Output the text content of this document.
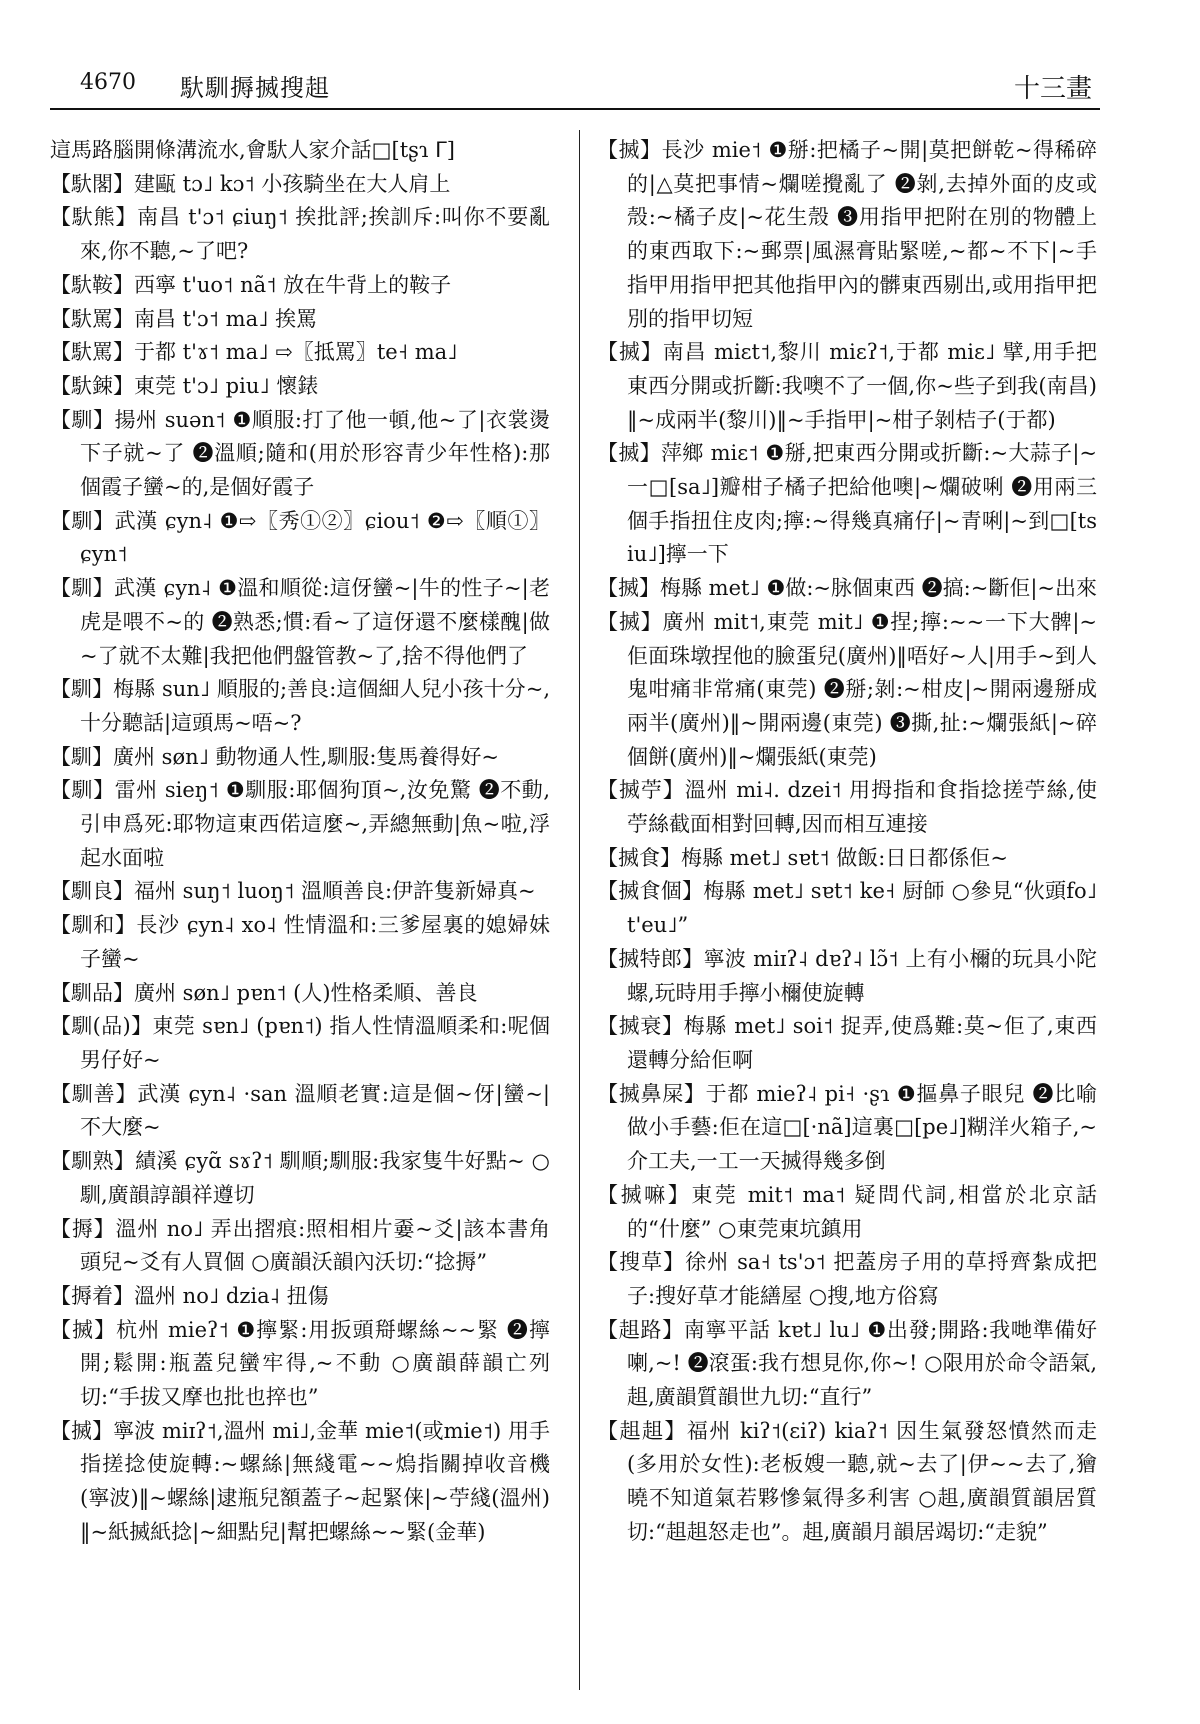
4670 馱馴搙搣搜趄	十三畫

這馬路腦開條溝流水,會馱人家介話□[tʂɿ ᒥ]

【馱閣】建甌 tɔ˩ kɔ˦ 小孩騎坐在大人肩上

【馱熊】南昌 t'ɔ˦ ɕiuŋ˦ 挨批評;挨訓斥:叫你不要亂來,你不聽,~了吧?

【馱鞍】西寧 t'uo˦ nã˦ 放在牛背上的鞍子

【馱罵】南昌 t'ɔ˦ ma˩ 挨罵

【馱罵】于都 t'ɤ˦ ma˩ ⇨〖抵罵〗te˧ ma˩

【馱鋉】東莞 t'ɔ˩ piu˩ 懷錶

【馴】揚州 suən˦ ❶順服:打了他一頓,他~了|衣裳燙下子就~了 ❷溫順;隨和(用於形容青少年性格):那個霞子蠻~的,是個好霞子

【馴】武漢 ɕyn˨ ❶⇨〖秀①②〗ɕiou˦ ❷⇨〖順①〗ɕyn˦

【馴】武漢 ɕyn˨ ❶溫和順從:這伢蠻~|牛的性子~|老虎是喂不~的 ❷熟悉;慣:看~了這伢還不麼樣醜|做~了就不太難|我把他們盤管教~了,捨不得他們了

【馴】梅縣 sun˩ 順服的;善良:這個細人兒小孩十分~,十分聽話|這頭馬~唔~?

【馴】廣州 søn˩ 動物通人性,馴服:隻馬養得好~

【馴】雷州 sieŋ˦ ❶馴服:耶個狗頂~,汝免驚 ❷不動,引申爲死:耶物這東西偌這麼~,弄總無動|魚~啦,浮起水面啦

【馴良】福州 suŋ˦ luoŋ˦ 溫順善良:伊許隻新婦真~

【馴和】長沙 ɕyn˨ xo˨ 性情溫和:三爹屋裏的媳婦妹子蠻~

【馴品】廣州 søn˩ pɐn˦ (人)性格柔順、善良

【馴(品)】東莞 sɐn˩ (pɐn˦) 指人性情溫順柔和:呢個男仔好~

【馴善】武漢 ɕyn˨ ·san 溫順老實:這是個~伢|蠻~|不大麼~

【馴熟】績溪 ɕyɑ̃ sɤʔ˦ 馴順;馴服:我家隻牛好點~ ○馴,廣韻諄韻祥遵切

【搙】溫州 no˩ 弄出摺痕:照相相片嫑~爻|該本書角頭兒~爻有人買個 ○廣韻沃韻內沃切:“捻搙”

【搙着】溫州 no˩ dzia˨ 扭傷

【搣】杭州 mieʔ˦ ❶擰緊:用扳頭搿螺絲~~緊 ❷擰開;鬆開:瓶蓋兒蠻牢得,~不動 ○廣韻薛韻亡列切:“手拔又摩也批也捽也”

【搣】寧波 miɪʔ˦,溫州 mi˩,金華 mie˦(或mie˦) 用手指搓捻使旋轉:~螺絲|無綫電~~熓指關掉收音機(寧波)‖~螺絲|逮瓶兒額蓋子~起緊俫|~苧綫(溫州)‖~紙搣紙捻|~細點兒|幫把螺絲~~緊(金華)

【搣】長沙 mie˦ ❶掰:把橘子~開|莫把餅乾~得稀碎的|△莫把事情~爛嗟攪亂了 ❷剝,去掉外面的皮或殼:~橘子皮|~花生殼 ❸用指甲把附在別的物體上的東西取下:~郵票|風濕膏貼緊嗟,~都~不下|~手指甲用指甲把其他指甲內的髒東西剔出,或用指甲把別的指甲切短

【搣】南昌 miɛt˦,黎川 miɛʔ˦,于都 miɛ˩ 擘,用手把東西分開或折斷:我噢不了一個,你~些子到我(南昌)‖~成兩半(黎川)‖~手指甲|~柑子剝桔子(于都)

【搣】萍鄉 miɛ˦ ❶掰,把東西分開或折斷:~大蒜子|~一□[sa˩]瓣柑子橘子把給他噢|~爛破唎 ❷用兩三個手指扭住皮肉;擰:~得幾真痛仔|~青唎|~到□[tsiu˩]擰一下

【搣】梅縣 met˩ ❶做:~脉個東西 ❷搞:~斷佢|~出來

【搣】廣州 mit˦,東莞 mit˩ ❶捏;擰:~~一下大髀|~佢面珠墩捏他的臉蛋兒(廣州)‖唔好~人|用手~到人鬼咁痛非常痛(東莞) ❷掰;剝:~柑皮|~開兩邊掰成兩半(廣州)‖~開兩邊(東莞) ❸撕,扯:~爛張紙|~碎個餅(廣州)‖~爛張紙(東莞)

【搣苧】溫州 mi˨. dzei˦ 用拇指和食指捻搓苧絲,使苧絲截面相對回轉,因而相互連接

【搣食】梅縣 met˩ sɐt˦ 做飯:日日都係佢~

【搣食個】梅縣 met˩ sɐt˦ ke˧ 厨師 ○參見“伙頭fo˩ t'eu˩”

【搣特郎】寧波 miɪʔ˨ dɐʔ˨ lɔ̃˦ 上有小檷的玩具小陀螺,玩時用手擰小檷使旋轉

【搣衰】梅縣 met˩ soi˦ 捉弄,使爲難:莫~佢了,東西還轉分給佢啊

【搣鼻屎】于都 mieʔ˨ pi˧ ·ʂɿ ❶摳鼻子眼兒 ❷比喻做小手藝:佢在這□[·nã]這裏□[pe˩]糊洋火箱子,~介工夫,一工一天搣得幾多倒

【搣嘛】東莞 mit˦ ma˦ 疑問代詞,相當於北京話的“什麼” ○東莞東坑鎮用

【搜草】徐州 sa˧ ts'ɔ˦ 把蓋房子用的草捋齊紮成把子:搜好草才能繕屋 ○搜,地方俗寫

【趄路】南寧平話 kɐt˩ lu˩ ❶出發;開路:我哋準備好喇,~! ❷滾蛋:我冇想見你,你~! ○限用於命令語氣,趄,廣韻質韻世九切:“直行”

【趄趄】福州 kiʔ˦(ɛiʔ) kiaʔ˦ 因生氣發怒憤然而走(多用於女性):老板嫂一聽,就~去了|伊~~去了,獪曉不知道氣若夥慘氣得多利害 ○趄,廣韻質韻居質切:“趄趄怒走也”。趄,廣韻月韻居竭切:“走貌”
